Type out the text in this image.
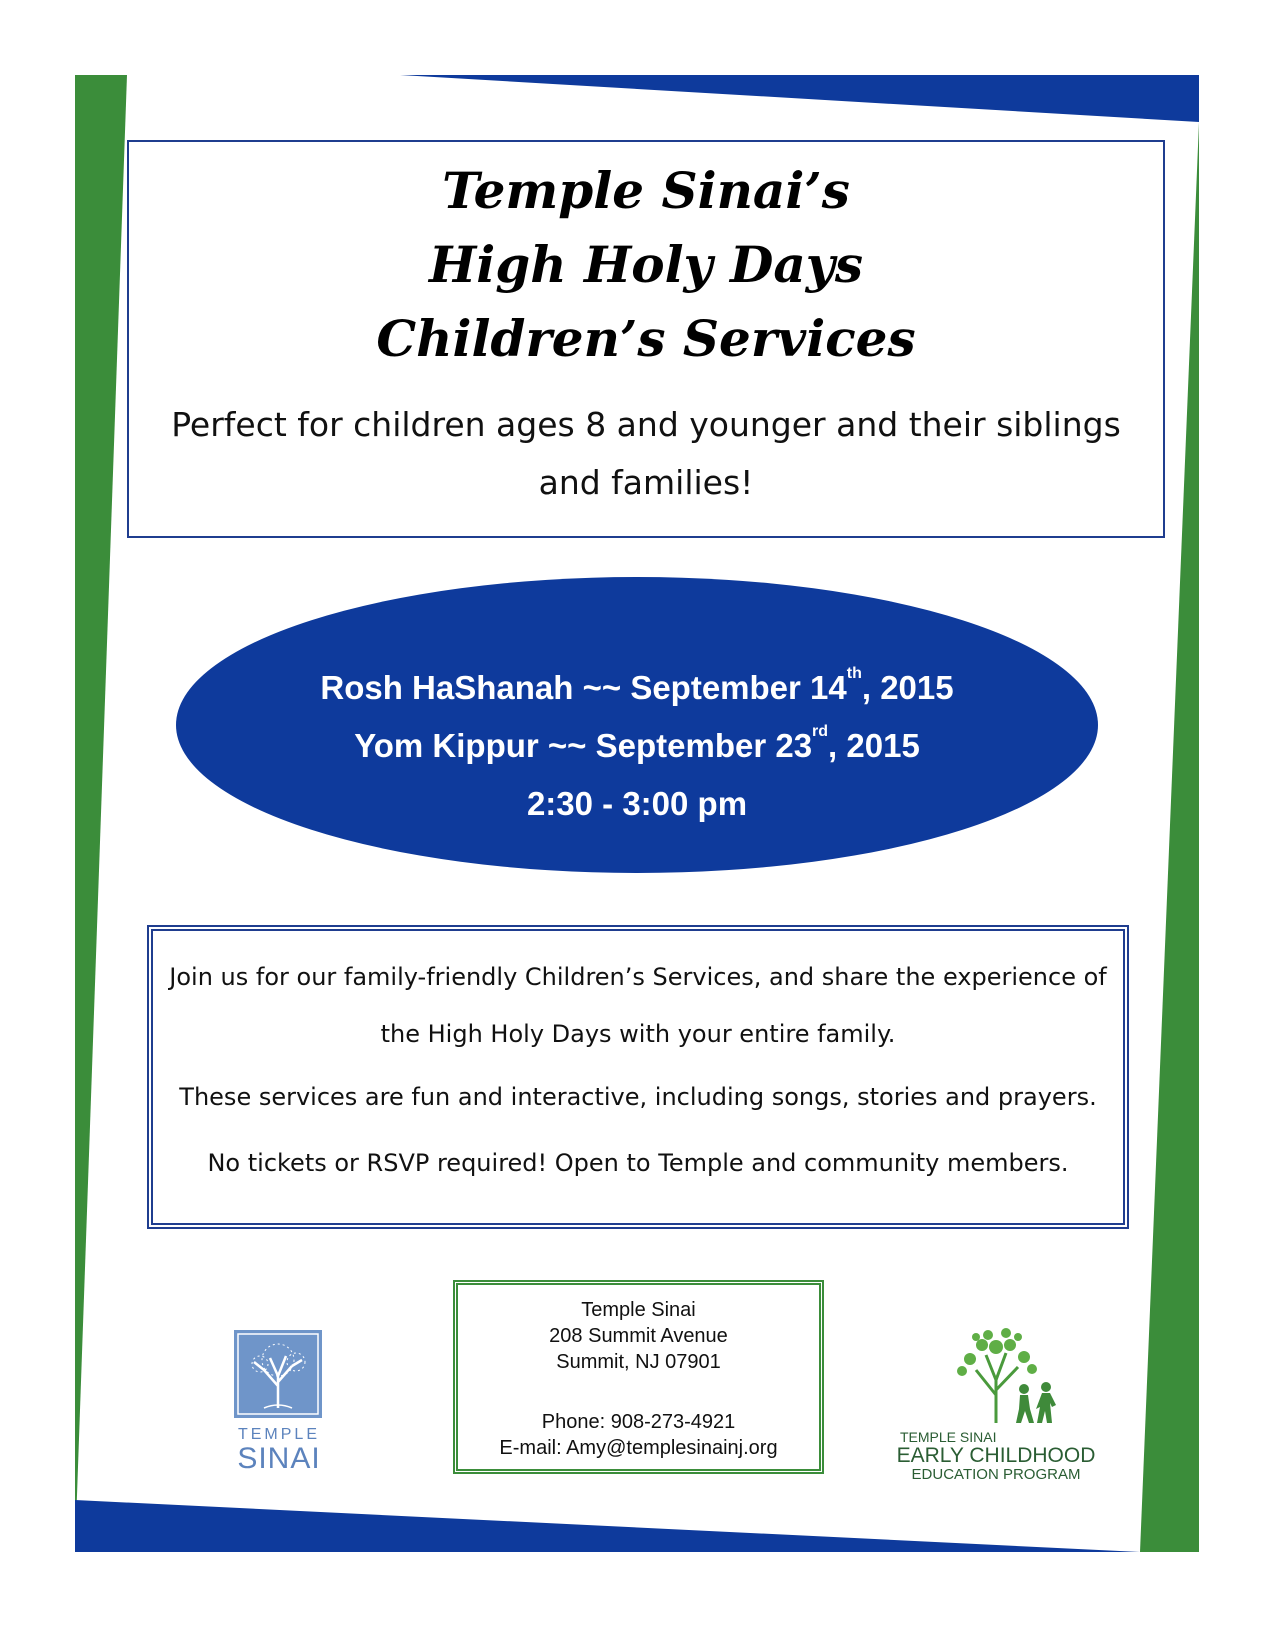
Temple Sinai’s
High Holy Days
Children’s Services
Perfect for children ages 8 and younger and their siblings and families!
Rosh HaShanah ~~ September 14th, 2015
Yom Kippur ~~ September 23rd, 2015
2:30 - 3:00 pm

Join us for our family-friendly Children’s Services, and share the experience of the High Holy Days with your entire family.

These services are fun and interactive, including songs, stories and prayers.

No tickets or RSVP required! Open to Temple and community members.

Temple Sinai
208 Summit Avenue
Summit, NJ 07901
Phone: 908-273-4921
E-mail: Amy@templesinainj.org
TEMPLE
SINAI
TEMPLE SINAI
EARLY CHILDHOOD
EDUCATION PROGRAM
